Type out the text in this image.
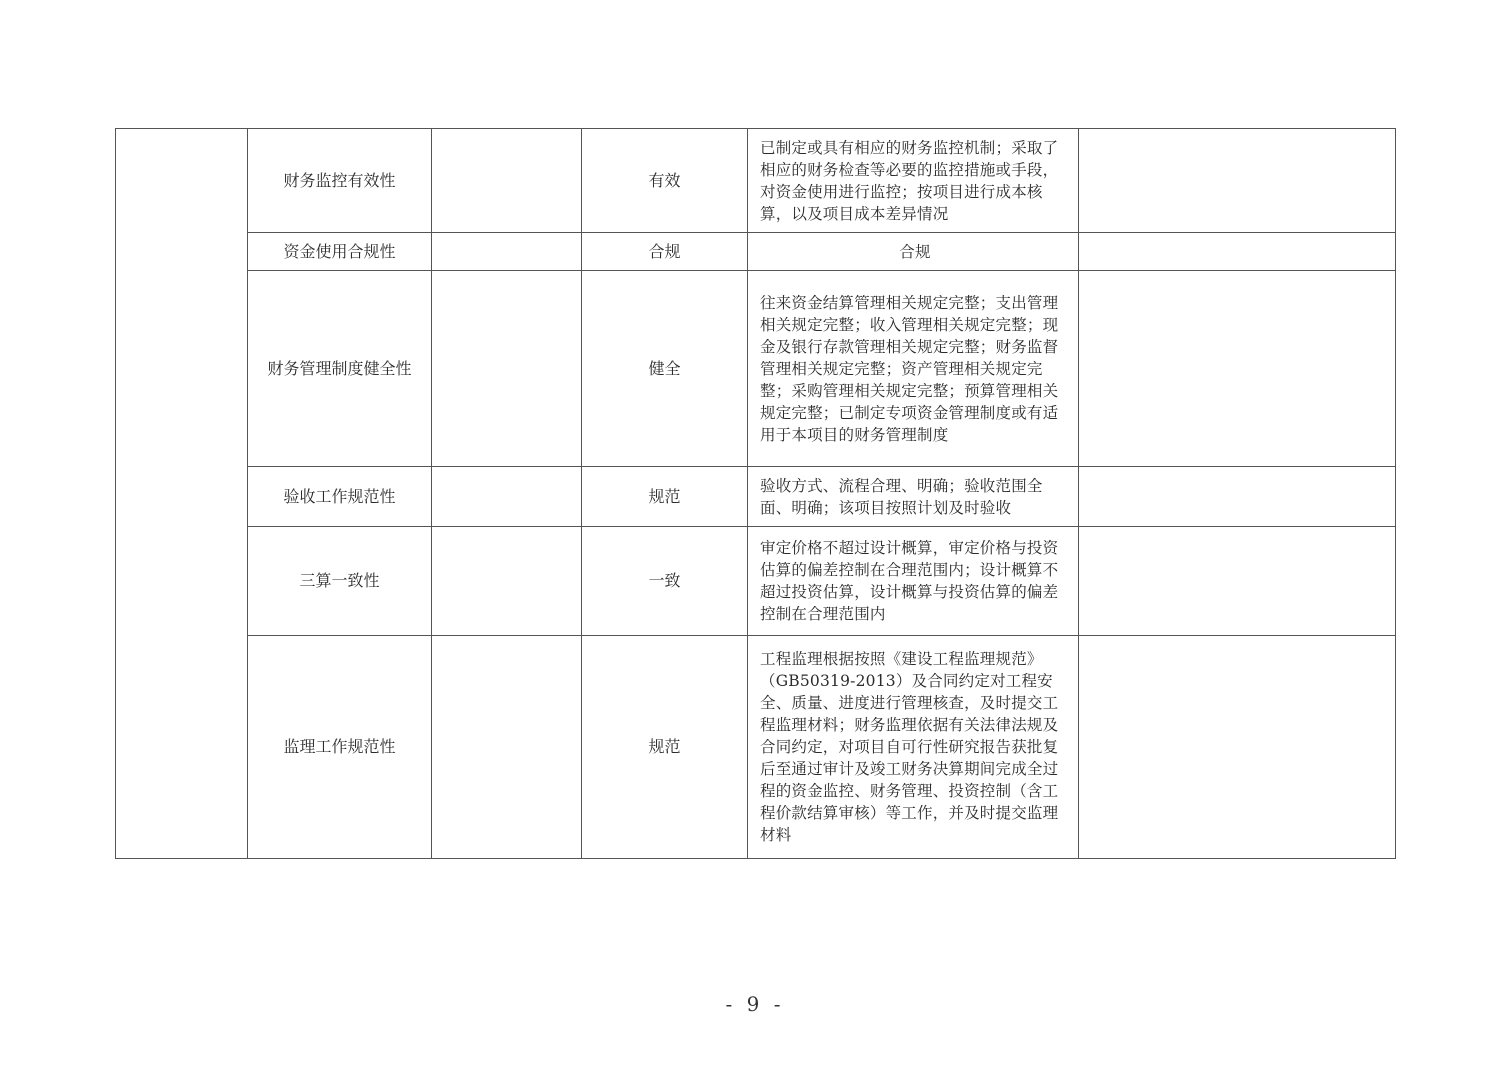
	财务监控有效性		有效	已制定或具有相应的财务监控机制；采取了相应的财务检查等必要的监控措施或手段，对资金使用进行监控；按项目进行成本核算，以及项目成本差异情况	
	资金使用合规性		合规	合规	
	财务管理制度健全性		健全	往来资金结算管理相关规定完整；支出管理相关规定完整；收入管理相关规定完整；现金及银行存款管理相关规定完整；财务监督管理相关规定完整；资产管理相关规定完整；采购管理相关规定完整；预算管理相关规定完整；已制定专项资金管理制度或有适用于本项目的财务管理制度	
	验收工作规范性		规范	验收方式、流程合理、明确；验收范围全面、明确；该项目按照计划及时验收	
	三算一致性		一致	审定价格不超过设计概算，审定价格与投资估算的偏差控制在合理范围内；设计概算不超过投资估算，设计概算与投资估算的偏差控制在合理范围内	
	监理工作规范性		规范	工程监理根据按照《建设工程监理规范》（GB50319-2013）及合同约定对工程安全、质量、进度进行管理核查，及时提交工程监理材料；财务监理依据有关法律法规及合同约定，对项目自可行性研究报告获批复后至通过审计及竣工财务决算期间完成全过程的资金监控、财务管理、投资控制（含工程价款结算审核）等工作，并及时提交监理材料	
- 9 -
